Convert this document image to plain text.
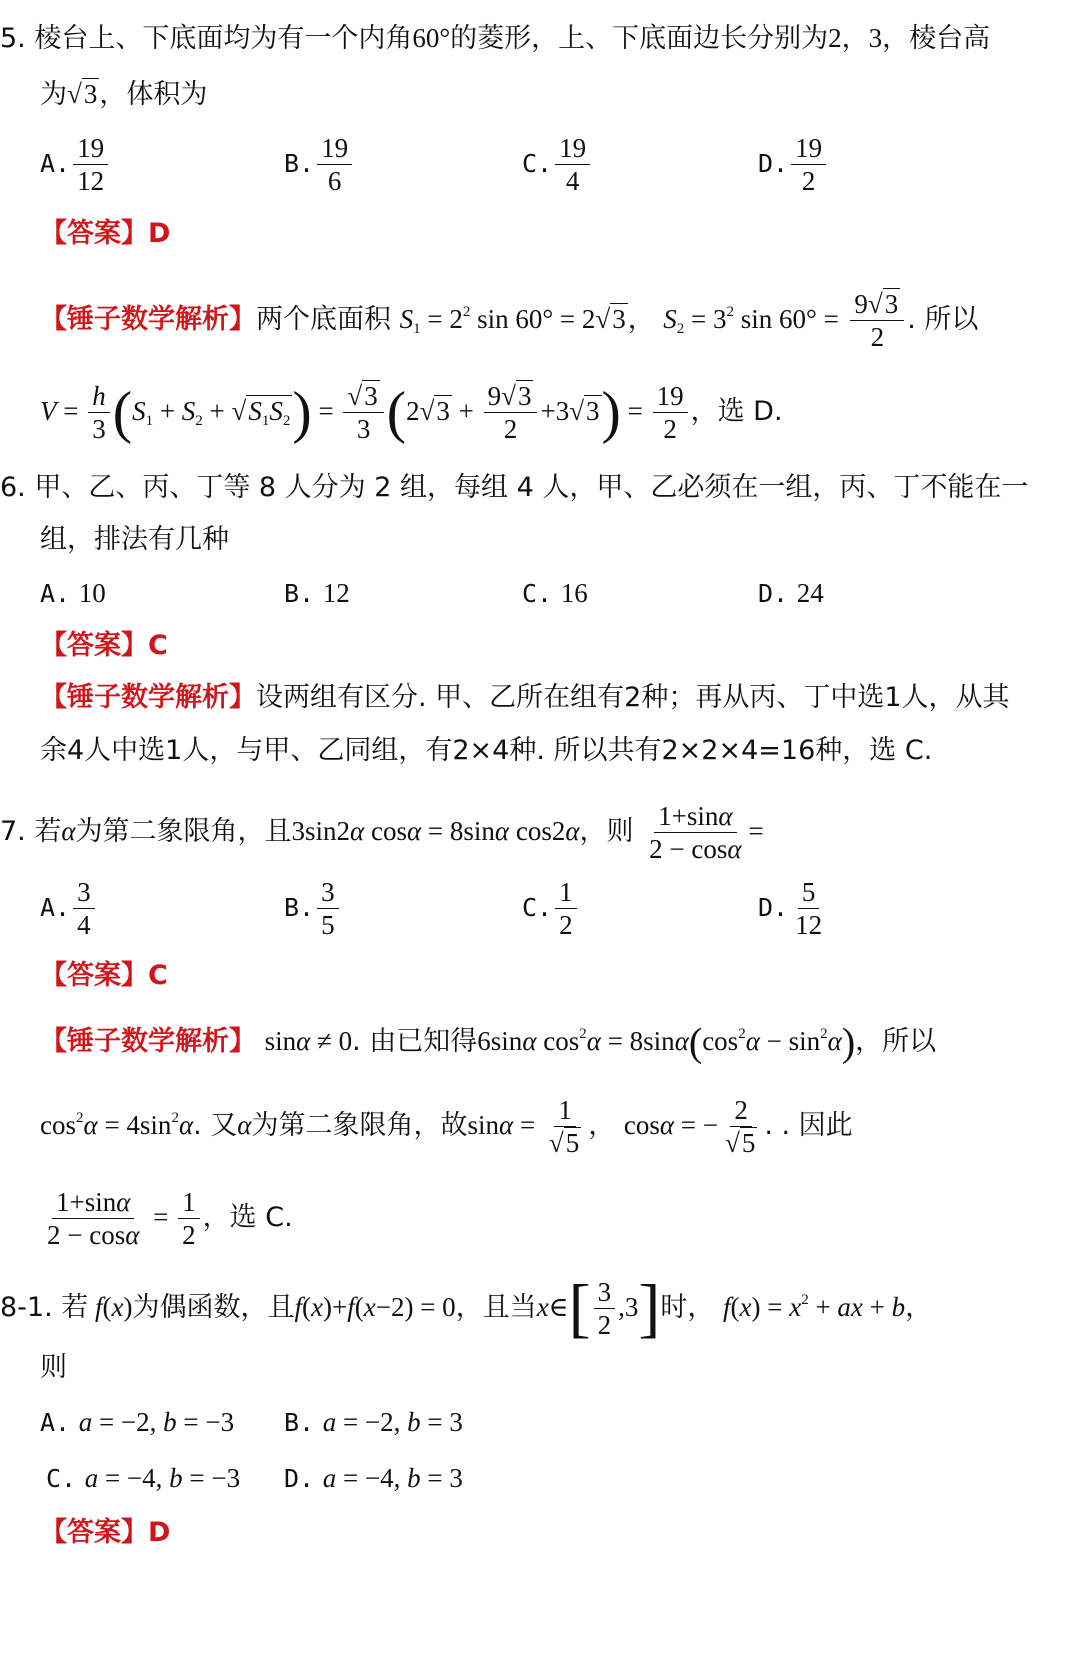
5. 棱台上、下底面均为有一个内角60°的菱形，上、下底面边长分别为2，3，棱台高
为√3，体积为
A. $\frac{19}{12}$	B. $\frac{19}{6}$	C. $\frac{19}{4}$	D. $\frac{19}{2}$
【答案】D
【锤子数学解析】两个底面积 $S_1 = 2^2$ sin 60° = 2√3， $S_2 = 3^2$ $\sin 60^\circ = \frac{9√3}{2}$ . 所以
$V = \frac{h}{3} (S_1 + S_2 + √S_1S_2) = \frac{√3}{3} (2√3 + \frac{9√3}{2} +3√3) = \frac{19}{2}$ ，选 D.
6. 甲、乙、丙、丁等 8 人分为 2 组，每组 4 人，甲、乙必须在一组，丙、丁不能在一
组，排法有几种
A. 10	B. 12	C. 16	D. 24
【答案】C
【锤子数学解析】设两组有区分. 甲、乙所在组有2种；再从丙、丁中选1人，从其
余4人中选1人，与甲、乙同组，有2×4种. 所以共有2×2×4=16种，选 C.
7. 若α为第二象限角，且3sin2α cosα = 8sinα cos2α，则 $\frac{1+\sin\alpha}{2 - \cos\alpha}$ =
A. $\frac{3}{4}$	B. $\frac{3}{5}$	C. $\frac{1}{2}$	D. $\frac{5}{12}$
【答案】C
【锤子数学解析】 sinα ≠ 0. 由已知得6sinα $\cos^2\alpha = 8\sin\alpha(\cos^2\alpha - \sin^2\alpha)$，所以
$\cos^2\alpha = 4\sin^2\alpha$. 又α为第二象限角，故$\sin\alpha = \frac{1}{√5}$ ， cosα = − $\frac{2}{√5}$ . . 因此
$\frac{1+\sin\alpha}{2 - \cos\alpha} = \frac{1}{2}$ ，选 C.
8-1. 若 f(x)为偶函数，且f(x)+f(x−2) = 0，且当x∈[ $\frac{3}{2} ,3$]时， $f(x) = x^2$ + ax + b，
则
A. a = −2, b = −3 B. a = −2, b = 3
C. a = −4, b = −3 D. a = −4, b = 3
【答案】D
